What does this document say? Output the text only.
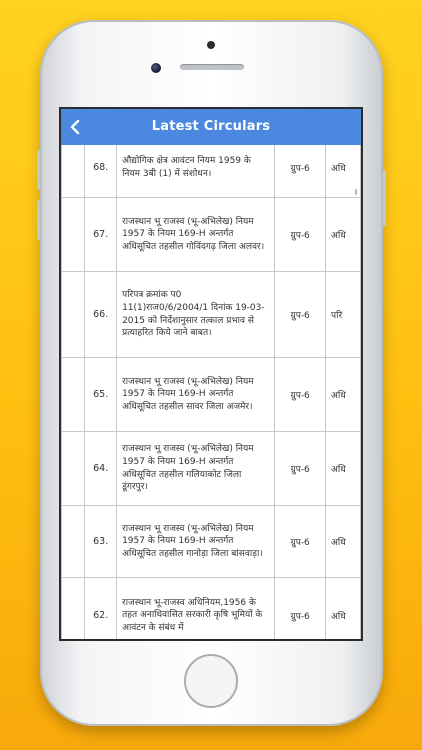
Latest Circulars
	68.	औद्योगिक क्षेत्र आवंटन नियम 1959 के नियम 3बी (1) में संशोधन।	ग्रुप-6	अधि
	67.	राजस्थान भू राजस्व (भू-अभिलेख) नियम 1957 के नियम 169-H अन्तर्गत अधिसूचित तहसील गोविंदगढ़ जिला अलवर।	ग्रुप-6	अधि
	66.	परिपत्र क्रमांक प0 11(1)राज0/6/2004/1 दिनांक 19-03-2015 को निर्देशानुसार तत्काल प्रभाव से प्रत्याहरित किये जाने बाबत।	ग्रुप-6	परि
	65.	राजस्थान भू राजस्व (भू-अभिलेख) नियम 1957 के नियम 169-H अन्तर्गत अधिसूचित तहसील सावर जिला अजमेर।	ग्रुप-6	अधि
	64.	राजस्थान भू राजस्व (भू-अभिलेख) नियम 1957 के नियम 169-H अन्तर्गत अधिसूचित तहसील गलियाकोट जिला डूंगरपुर।	ग्रुप-6	अधि
	63.	राजस्थान भू राजस्व (भू-अभिलेख) नियम 1957 के नियम 169-H अन्तर्गत अधिसूचित तहसील गानोड़ा जिला बांसवाड़ा।	ग्रुप-6	अधि
	62.	राजस्थान भू-राजस्व अधिनियम,1956 के तहत अनाधिवासित सरकारी कृषि भूमियों के आवंटन के संबंध में	ग्रुप-6	अधि
